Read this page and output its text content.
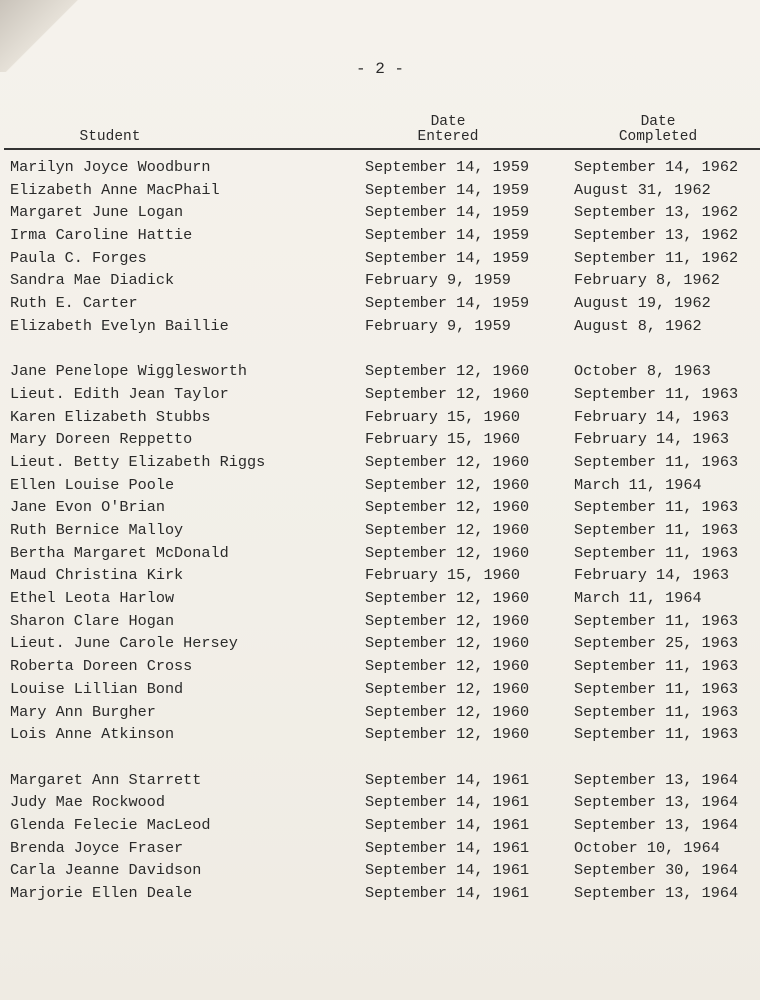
- 2 -
Student
Date
Entered
Date
Completed
Marilyn Joyce Woodburn	September 14, 1959	September 14, 1962
Elizabeth Anne MacPhail	September 14, 1959	August 31, 1962
Margaret June Logan	September 14, 1959	September 13, 1962
Irma Caroline Hattie	September 14, 1959	September 13, 1962
Paula C. Forges	September 14, 1959	September 11, 1962
Sandra Mae Diadick	February 9, 1959	February 8, 1962
Ruth E. Carter	September 14, 1959	August 19, 1962
Elizabeth Evelyn Baillie	February 9, 1959	August 8, 1962
Jane Penelope Wigglesworth	September 12, 1960	October 8, 1963
Lieut. Edith Jean Taylor	September 12, 1960	September 11, 1963
Karen Elizabeth Stubbs	February 15, 1960	February 14, 1963
Mary Doreen Reppetto	February 15, 1960	February 14, 1963
Lieut. Betty Elizabeth Riggs	September 12, 1960	September 11, 1963
Ellen Louise Poole	September 12, 1960	March 11, 1964
Jane Evon O'Brian	September 12, 1960	September 11, 1963
Ruth Bernice Malloy	September 12, 1960	September 11, 1963
Bertha Margaret McDonald	September 12, 1960	September 11, 1963
Maud Christina Kirk	February 15, 1960	February 14, 1963
Ethel Leota Harlow	September 12, 1960	March 11, 1964
Sharon Clare Hogan	September 12, 1960	September 11, 1963
Lieut. June Carole Hersey	September 12, 1960	September 25, 1963
Roberta Doreen Cross	September 12, 1960	September 11, 1963
Louise Lillian Bond	September 12, 1960	September 11, 1963
Mary Ann Burgher	September 12, 1960	September 11, 1963
Lois Anne Atkinson	September 12, 1960	September 11, 1963
Margaret Ann Starrett	September 14, 1961	September 13, 1964
Judy Mae Rockwood	September 14, 1961	September 13, 1964
Glenda Felecie MacLeod	September 14, 1961	September 13, 1964
Brenda Joyce Fraser	September 14, 1961	October 10, 1964
Carla Jeanne Davidson	September 14, 1961	September 30, 1964
Marjorie Ellen Deale	September 14, 1961	September 13, 1964
